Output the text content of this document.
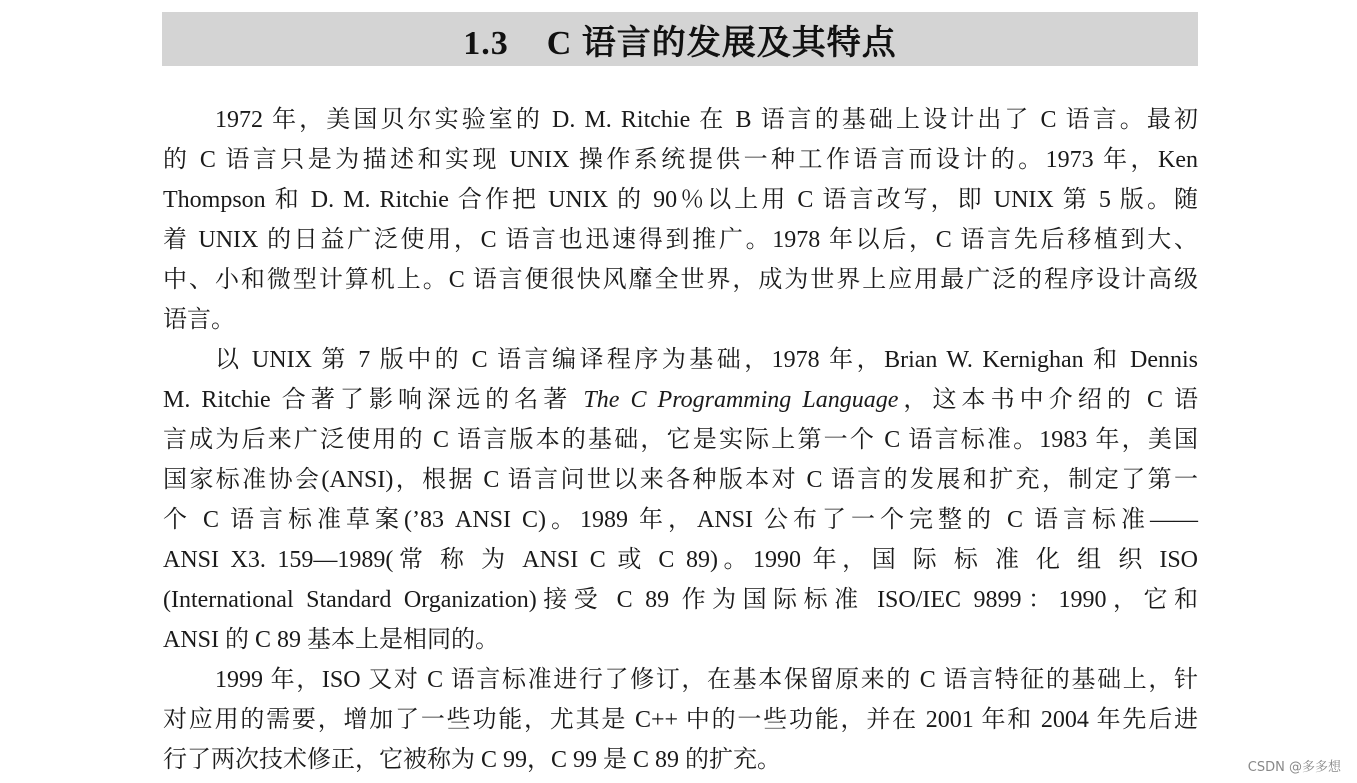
1.3 C 语言的发展及其特点
1972 年，美国贝尔实验室的 D. M. Ritchie 在 B 语言的基础上设计出了 C 语言。最初
的 C 语言只是为描述和实现 UNIX 操作系统提供一种工作语言而设计的。1973 年，Ken
Thompson 和 D. M. Ritchie 合作把 UNIX 的 90％以上用 C 语言改写，即 UNIX 第 5 版。随
着 UNIX 的日益广泛使用，C 语言也迅速得到推广。1978 年以后，C 语言先后移植到大、
中、小和微型计算机上。C 语言便很快风靡全世界，成为世界上应用最广泛的程序设计高级
语言。
以 UNIX 第 7 版中的 C 语言编译程序为基础，1978 年，Brian W. Kernighan 和 Dennis
M. Ritchie 合著了影响深远的名著 The C Programming Language，这本书中介绍的 C 语
言成为后来广泛使用的 C 语言版本的基础，它是实际上第一个 C 语言标准。1983 年，美国
国家标准协会(ANSI)，根据 C 语言问世以来各种版本对 C 语言的发展和扩充，制定了第一
个 C 语言标准草案(’83 ANSI C)。1989 年，ANSI 公布了一个完整的 C 语言标准——
ANSI X3. 159—1989(常 称 为 ANSI C 或 C 89)。1990 年，国 际 标 准 化 组 织 ISO
(International Standard Organization)接受 C 89 作为国际标准 ISO/IEC 9899：1990，它和
ANSI 的 C 89 基本上是相同的。
1999 年，ISO 又对 C 语言标准进行了修订，在基本保留原来的 C 语言特征的基础上，针
对应用的需要，增加了一些功能，尤其是 C++ 中的一些功能，并在 2001 年和 2004 年先后进
行了两次技术修正，它被称为 C 99，C 99 是 C 89 的扩充。	CSDN @多多想
